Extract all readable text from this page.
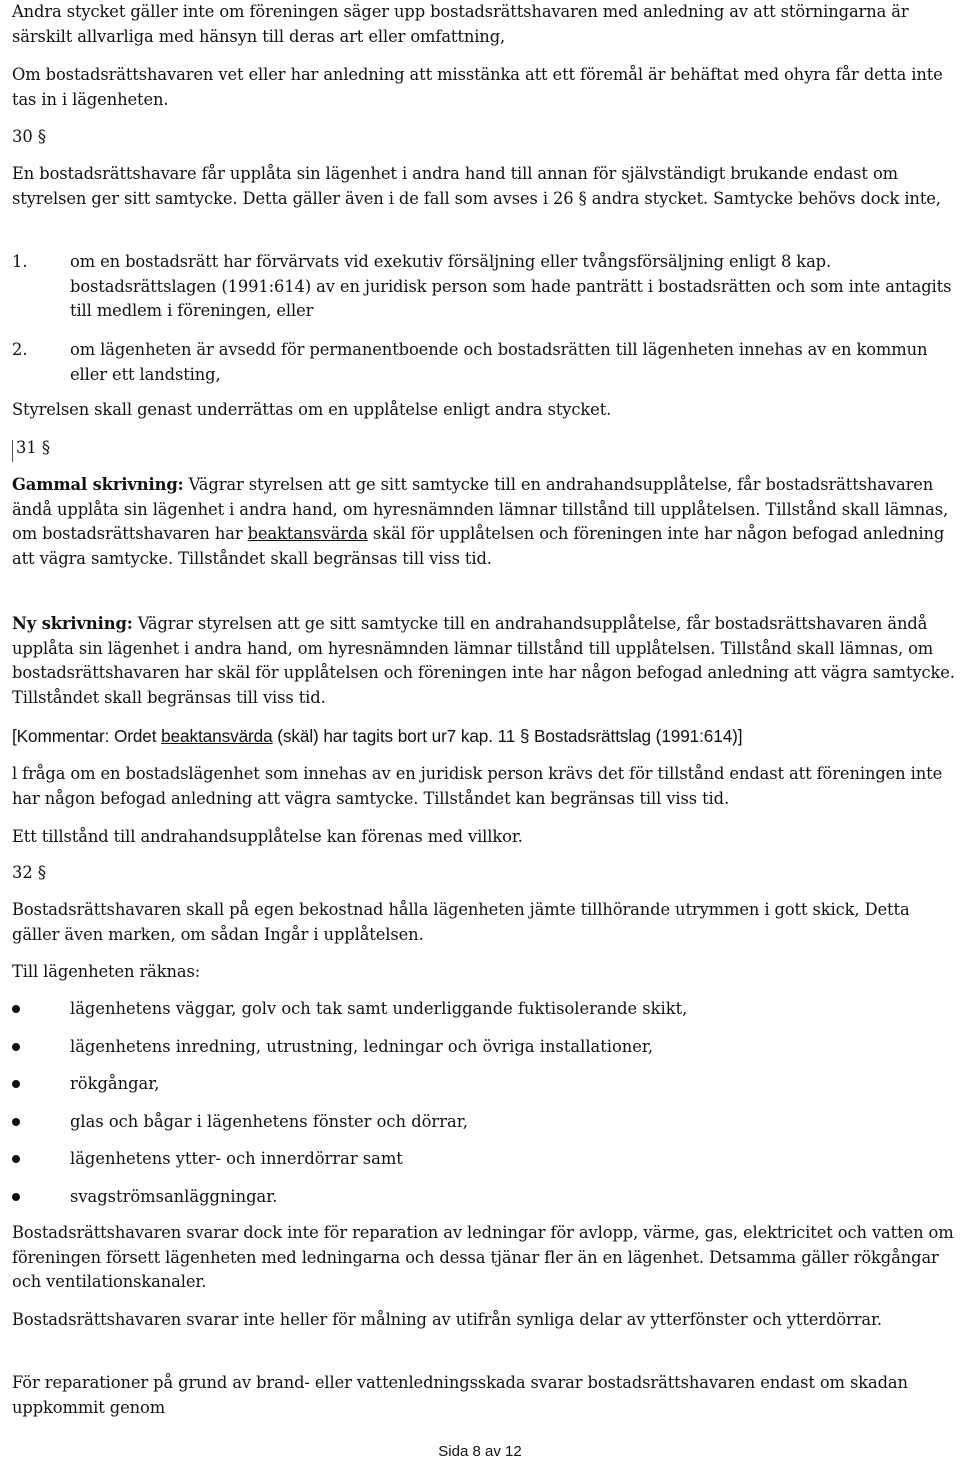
Andra stycket gäller inte om föreningen säger upp bostadsrättshavaren med anledning av att störningarna är särskilt allvarliga med hänsyn till deras art eller omfattning,
Om bostadsrättshavaren vet eller har anledning att misstänka att ett föremål är behäftat med ohyra får detta inte tas in i lägenheten.
30 §
En bostadsrättshavare får upplåta sin lägenhet i andra hand till annan för självständigt brukande endast om styrelsen ger sitt samtycke. Detta gäller även i de fall som avses i 26 § andra stycket. Samtycke behövs dock inte,
1.	om en bostadsrätt har förvärvats vid exekutiv försäljning eller tvångsförsäljning enligt 8 kap. bostadsrättslagen (1991:614) av en juridisk person som hade panträtt i bostadsrätten och som inte antagits till medlem i föreningen, eller
2.	om lägenheten är avsedd för permanentboende och bostadsrätten till lägenheten innehas av en kommun eller ett landsting,
Styrelsen skall genast underrättas om en upplåtelse enligt andra stycket.
31 §
Gammal skrivning: Vägrar styrelsen att ge sitt samtycke till en andrahandsupplåtelse, får bostadsrättshavaren ändå upplåta sin lägenhet i andra hand, om hyresnämnden lämnar tillstånd till upplåtelsen. Tillstånd skall lämnas, om bostadsrättshavaren har beaktansvärda skäl för upplåtelsen och föreningen inte har någon befogad anledning att vägra samtycke. Tillståndet skall begränsas till viss tid.
Ny skrivning: Vägrar styrelsen att ge sitt samtycke till en andrahandsupplåtelse, får bostadsrättshavaren ändå upplåta sin lägenhet i andra hand, om hyresnämnden lämnar tillstånd till upplåtelsen. Tillstånd skall lämnas, om bostadsrättshavaren har skäl för upplåtelsen och föreningen inte har någon befogad anledning att vägra samtycke. Tillståndet skall begränsas till viss tid.
[Kommentar: Ordet beaktansvärda (skäl) har tagits bort ur7 kap. 11 § Bostadsrättslag (1991:614)]
l fråga om en bostadslägenhet som innehas av en juridisk person krävs det för tillstånd endast att föreningen inte har någon befogad anledning att vägra samtycke. Tillståndet kan begränsas till viss tid.
Ett tillstånd till andrahandsupplåtelse kan förenas med villkor.
32 §
Bostadsrättshavaren skall på egen bekostnad hålla lägenheten jämte tillhörande utrymmen i gott skick, Detta gäller även marken, om sådan Ingår i upplåtelsen.
Till lägenheten räknas:
lägenhetens väggar, golv och tak samt underliggande fuktisolerande skikt,
lägenhetens inredning, utrustning, ledningar och övriga installationer,
rökgångar,
glas och bågar i lägenhetens fönster och dörrar,
lägenhetens ytter- och innerdörrar samt
svagströmsanläggningar.
Bostadsrättshavaren svarar dock inte för reparation av ledningar för avlopp, värme, gas, elektricitet och vatten om föreningen försett lägenheten med ledningarna och dessa tjänar fler än en lägenhet. Detsamma gäller rökgångar och ventilationskanaler.
Bostadsrättshavaren svarar inte heller för målning av utifrån synliga delar av ytterfönster och ytterdörrar.
För reparationer på grund av brand- eller vattenledningsskada svarar bostadsrättshavaren endast om skadan uppkommit genom
Sida 8 av 12
